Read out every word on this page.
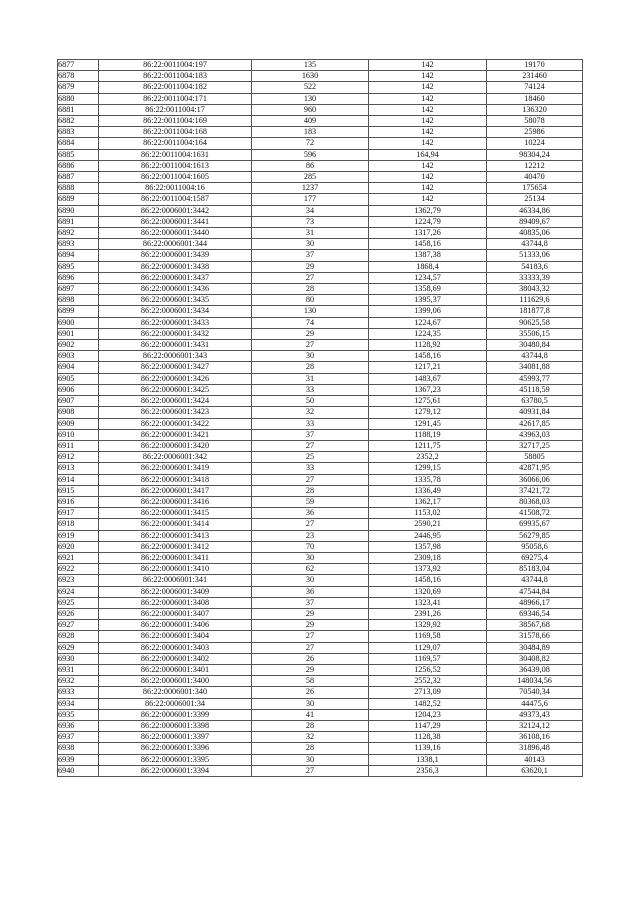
6877	86:22:0011004:197	135	142	19170
6878	86:22:0011004:183	1630	142	231460
6879	86:22:0011004:182	522	142	74124
6880	86:22:0011004:171	130	142	18460
6881	86:22:0011004:17	960	142	136320
6882	86:22:0011004:169	409	142	58078
6883	86:22:0011004:168	183	142	25986
6884	86:22:0011004:164	72	142	10224
6885	86:22:0011004:1631	596	164,94	98304,24
6886	86:22:0011004:1613	86	142	12212
6887	86:22:0011004:1605	285	142	40470
6888	86:22:0011004:16	1237	142	175654
6889	86:22:0011004:1587	177	142	25134
6890	86:22:0006001:3442	34	1362,79	46334,86
6891	86:22:0006001:3441	73	1224,79	89409,67
6892	86:22:0006001:3440	31	1317,26	40835,06
6893	86:22:0006001:344	30	1458,16	43744,8
6894	86:22:0006001:3439	37	1387,38	51333,06
6895	86:22:0006001:3438	29	1868,4	54183,6
6896	86:22:0006001:3437	27	1234,57	33333,39
6897	86:22:0006001:3436	28	1358,69	38043,32
6898	86:22:0006001:3435	80	1395,37	111629,6
6899	86:22:0006001:3434	130	1399,06	181877,8
6900	86:22:0006001:3433	74	1224,67	90625,58
6901	86:22:0006001:3432	29	1224,35	35506,15
6902	86:22:0006001:3431	27	1128,92	30480,84
6903	86:22:0006001:343	30	1458,16	43744,8
6904	86:22:0006001:3427	28	1217,21	34081,88
6905	86:22:0006001:3426	31	1483,67	45993,77
6906	86:22:0006001:3425	33	1367,23	45118,59
6907	86:22:0006001:3424	50	1275,61	63780,5
6908	86:22:0006001:3423	32	1279,12	40931,84
6909	86:22:0006001:3422	33	1291,45	42617,85
6910	86:22:0006001:3421	37	1188,19	43963,03
6911	86:22:0006001:3420	27	1211,75	32717,25
6912	86:22:0006001:342	25	2352,2	58805
6913	86:22:0006001:3419	33	1299,15	42871,95
6914	86:22:0006001:3418	27	1335,78	36066,06
6915	86:22:0006001:3417	28	1336,49	37421,72
6916	86:22:0006001:3416	59	1362,17	80368,03
6917	86:22:0006001:3415	36	1153,02	41508,72
6918	86:22:0006001:3414	27	2590,21	69935,67
6919	86:22:0006001:3413	23	2446,95	56279,85
6920	86:22:0006001:3412	70	1357,98	95058,6
6921	86:22:0006001:3411	30	2309,18	69275,4
6922	86:22:0006001:3410	62	1373,92	85183,04
6923	86:22:0006001:341	30	1458,16	43744,8
6924	86:22:0006001:3409	36	1320,69	47544,84
6925	86:22:0006001:3408	37	1323,41	48966,17
6926	86:22:0006001:3407	29	2391,26	69346,54
6927	86:22:0006001:3406	29	1329,92	38567,68
6928	86:22:0006001:3404	27	1169,58	31578,66
6929	86:22:0006001:3403	27	1129,07	30484,89
6930	86:22:0006001:3402	26	1169,57	30408,82
6931	86:22:0006001:3401	29	1256,52	36439,08
6932	86:22:0006001:3400	58	2552,32	148034,56
6933	86:22:0006001:340	26	2713,09	70540,34
6934	86:22:0006001:34	30	1482,52	44475,6
6935	86:22:0006001:3399	41	1204,23	49373,43
6936	86:22:0006001:3398	28	1147,29	32124,12
6937	86:22:0006001:3397	32	1128,38	36108,16
6938	86:22:0006001:3396	28	1139,16	31896,48
6939	86:22:0006001:3395	30	1338,1	40143
6940	86:22:0006001:3394	27	2356,3	63620,1
